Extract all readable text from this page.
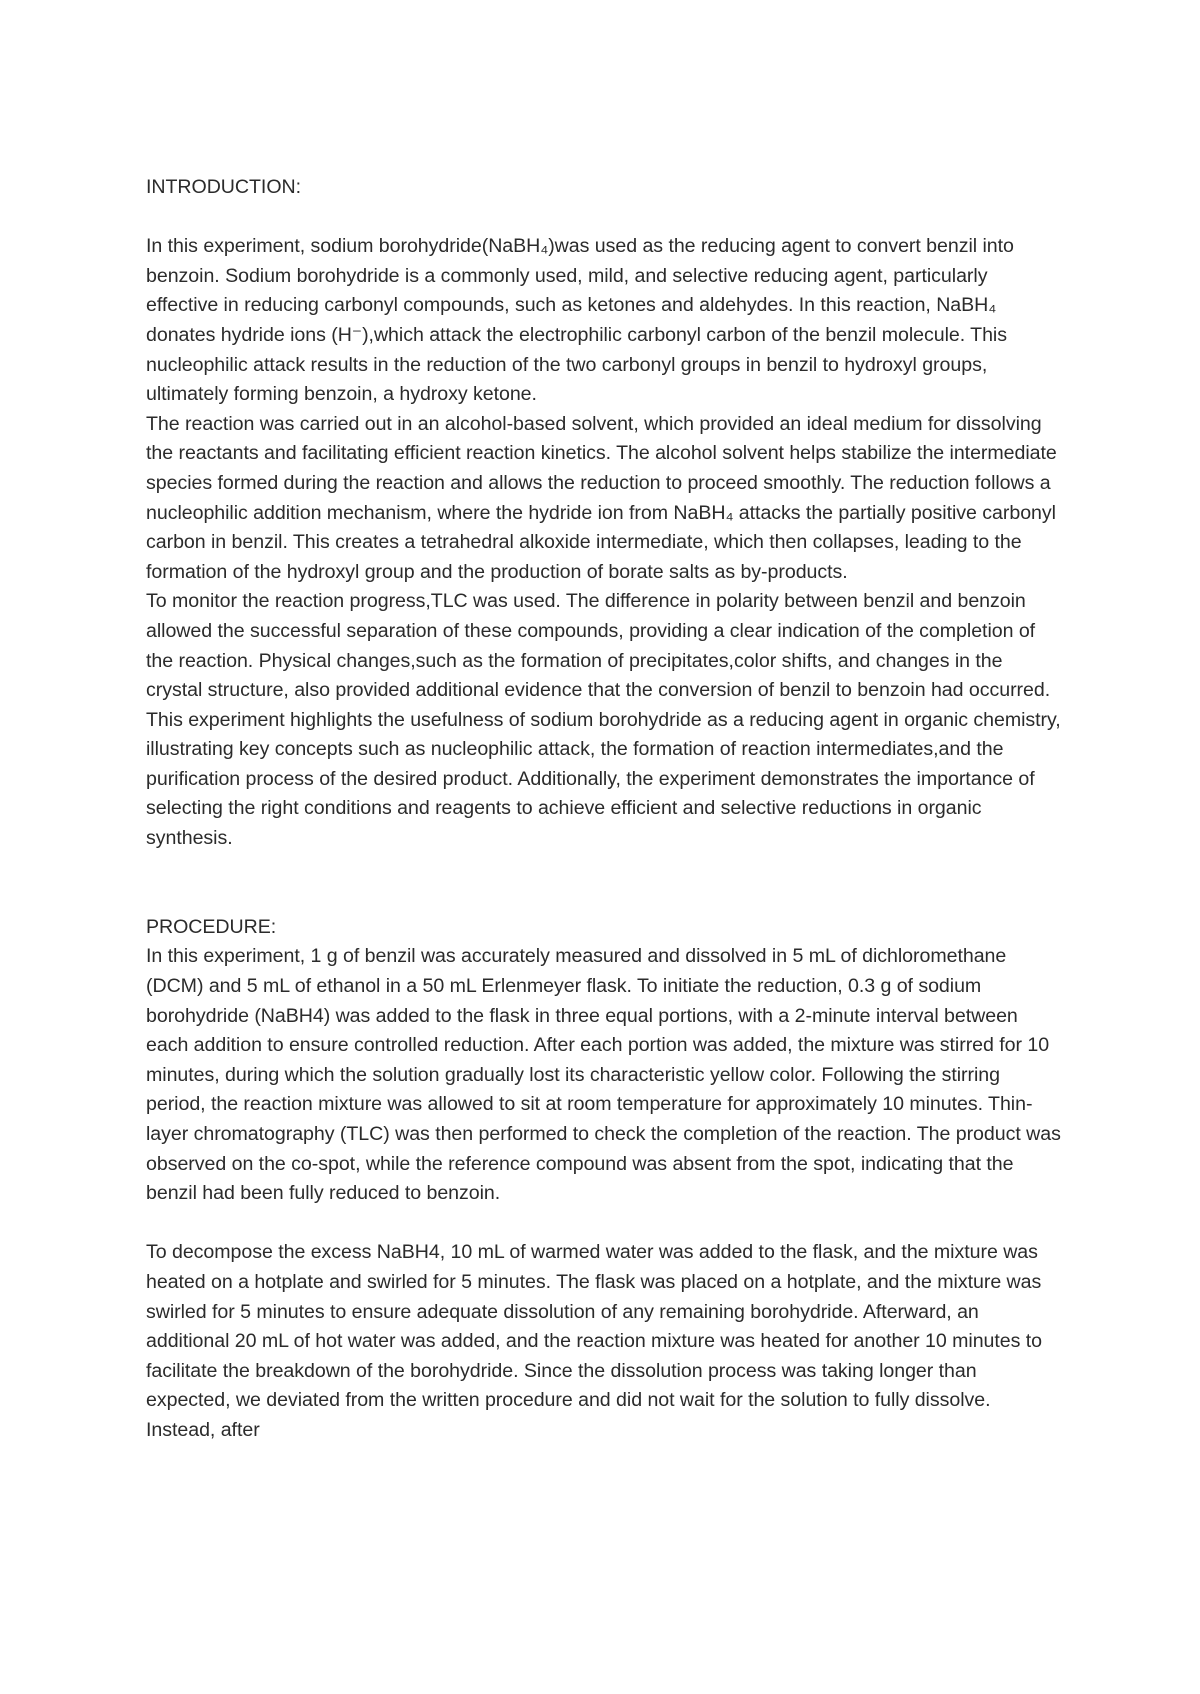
INTRODUCTION:

In this experiment, sodium borohydride(NaBH₄)was used as the reducing agent to convert benzil into benzoin. Sodium borohydride is a commonly used, mild, and selective reducing agent, particularly effective in reducing carbonyl compounds, such as ketones and aldehydes. In this reaction, NaBH₄ donates hydride ions (H⁻),which attack the electrophilic carbonyl carbon of the benzil molecule. This nucleophilic attack results in the reduction of the two carbonyl groups in benzil to hydroxyl groups, ultimately forming benzoin, a hydroxy ketone.

The reaction was carried out in an alcohol-based solvent, which provided an ideal medium for dissolving the reactants and facilitating efficient reaction kinetics. The alcohol solvent helps stabilize the intermediate species formed during the reaction and allows the reduction to proceed smoothly. The reduction follows a nucleophilic addition mechanism, where the hydride ion from NaBH₄ attacks the partially positive carbonyl carbon in benzil. This creates a tetrahedral alkoxide intermediate, which then collapses, leading to the formation of the hydroxyl group and the production of borate salts as by-products.

To monitor the reaction progress,TLC was used. The difference in polarity between benzil and benzoin allowed the successful separation of these compounds, providing a clear indication of the completion of the reaction. Physical changes,such as the formation of precipitates,color shifts, and changes in the crystal structure, also provided additional evidence that the conversion of benzil to benzoin had occurred. This experiment highlights the usefulness of sodium borohydride as a reducing agent in organic chemistry, illustrating key concepts such as nucleophilic attack, the formation of reaction intermediates,and the purification process of the desired product. Additionally, the experiment demonstrates the importance of selecting the right conditions and reagents to achieve efficient and selective reductions in organic synthesis.

PROCEDURE:

In this experiment, 1 g of benzil was accurately measured and dissolved in 5 mL of dichloromethane (DCM) and 5 mL of ethanol in a 50 mL Erlenmeyer flask. To initiate the reduction, 0.3 g of sodium borohydride (NaBH4) was added to the flask in three equal portions, with a 2-minute interval between each addition to ensure controlled reduction. After each portion was added, the mixture was stirred for 10 minutes, during which the solution gradually lost its characteristic yellow color. Following the stirring period, the reaction mixture was allowed to sit at room temperature for approximately 10 minutes. Thin-layer chromatography (TLC) was then performed to check the completion of the reaction. The product was observed on the co-spot, while the reference compound was absent from the spot, indicating that the benzil had been fully reduced to benzoin.

To decompose the excess NaBH4, 10 mL of warmed water was added to the flask, and the mixture was heated on a hotplate and swirled for 5 minutes. The flask was placed on a hotplate, and the mixture was swirled for 5 minutes to ensure adequate dissolution of any remaining borohydride. Afterward, an additional 20 mL of hot water was added, and the reaction mixture was heated for another 10 minutes to facilitate the breakdown of the borohydride. Since the dissolution process was taking longer than expected, we deviated from the written procedure and did not wait for the solution to fully dissolve. Instead, after
